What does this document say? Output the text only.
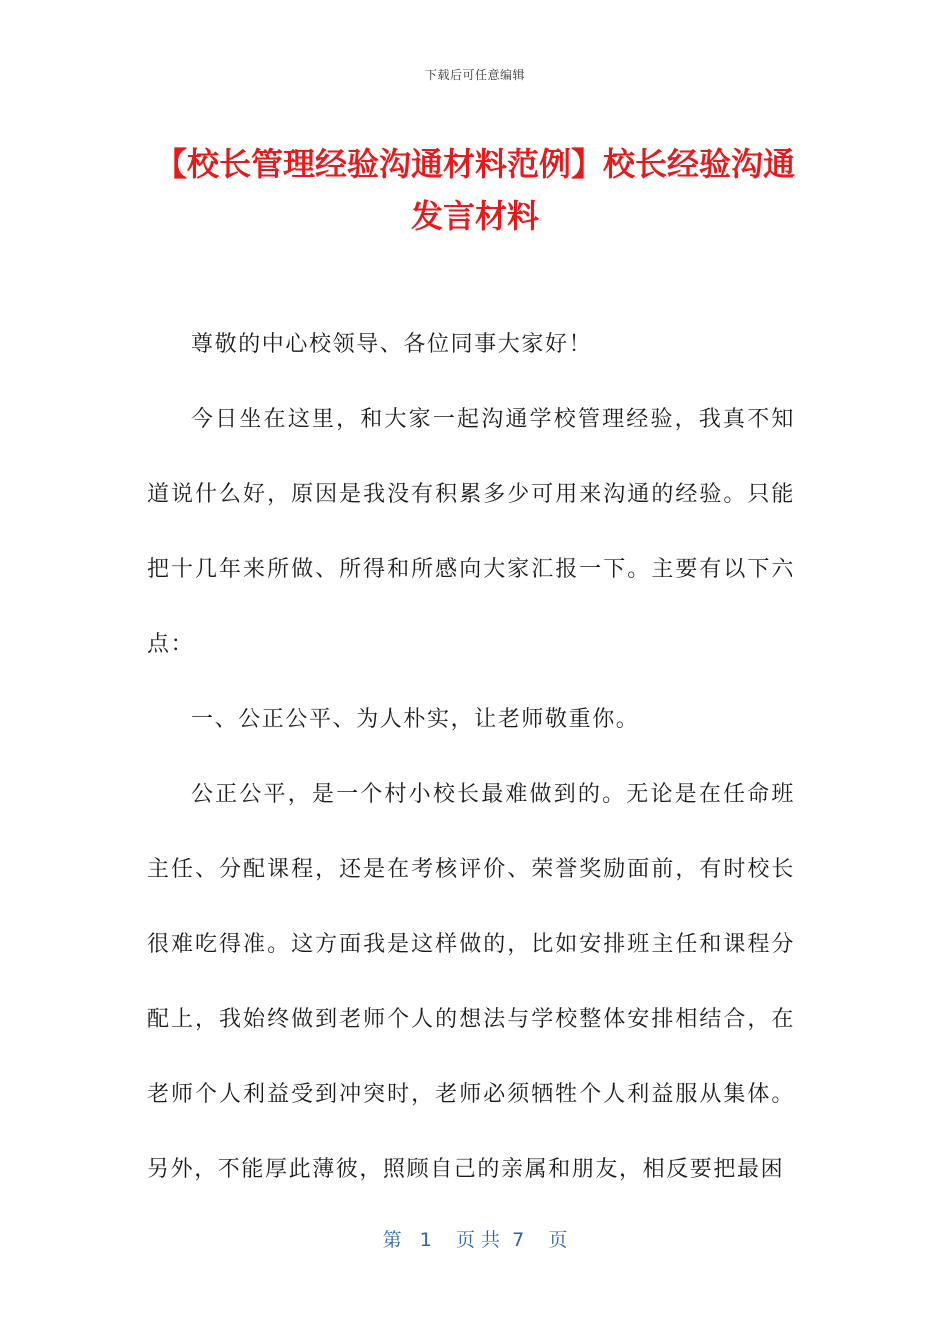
下载后可任意编辑
【校长管理经验沟通材料范例】校长经验沟通发言材料

尊敬的中心校领导、各位同事大家好！

今日坐在这里，和大家一起沟通学校管理经验，我真不知道说什么好，原因是我没有积累多少可用来沟通的经验。只能把十几年来所做、所得和所感向大家汇报一下。主要有以下六点：

一、公正公平、为人朴实，让老师敬重你。

公正公平，是一个村小校长最难做到的。无论是在任命班主任、分配课程，还是在考核评价、荣誉奖励面前，有时校长很难吃得准。这方面我是这样做的，比如安排班主任和课程分配上，我始终做到老师个人的想法与学校整体安排相结合，在老师个人利益受到冲突时，老师必须牺牲个人利益服从集体。另外，不能厚此薄彼，照顾自己的亲属和朋友，相反要把最困

第   1    页 共  7    页
